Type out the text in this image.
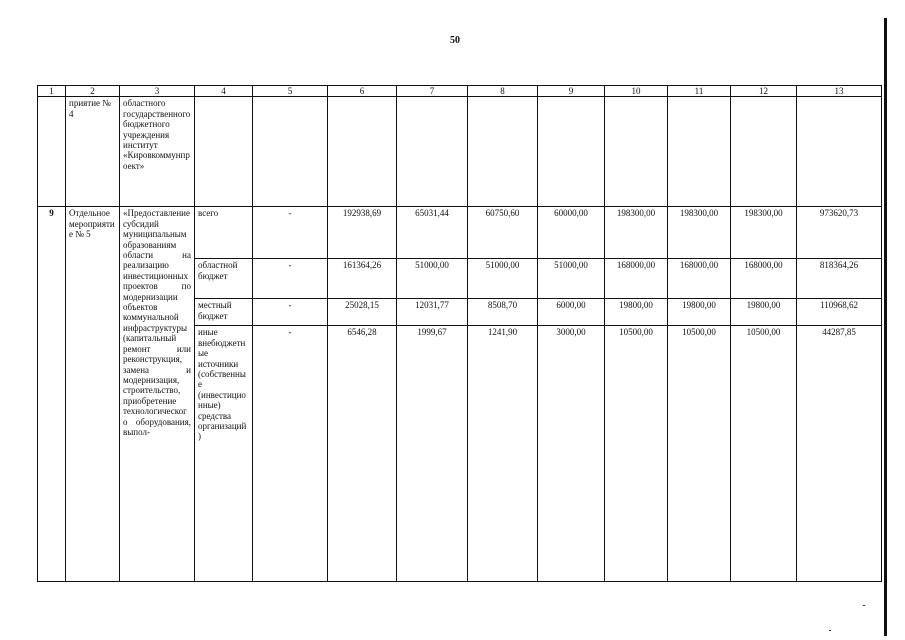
50
1	2	3	4	5	6	7	8	9	10	11	12	13
	приятие № 4	областного государственного бюджетного учреждения институт «Кировкоммунпроект»										
9	Отдельное мероприятие № 5	«Предоставление субсидий муниципальным образованиям области на реализацию инвестиционных проектов по модернизации объектов коммунальной инфраструктуры (капитальный ремонт или реконструкция, замена и модернизация, строительство, приобретение технологического оборудования, выпол-	всего	-	192938,69	65031,44	60750,60	60000,00	198300,00	198300,00	198300,00	973620,73
			областной бюджет	-	161364,26	51000,00	51000,00	51000,00	168000,00	168000,00	168000,00	818364,26
			местный бюджет	-	25028,15	12031,77	8508,70	6000,00	19800,00	19800,00	19800,00	110968,62
			иные внебюджетные источники (собственные (инвестиционные) средства организаций)	-	6546,28	1999,67	1241,90	3000,00	10500,00	10500,00	10500,00	44287,85
